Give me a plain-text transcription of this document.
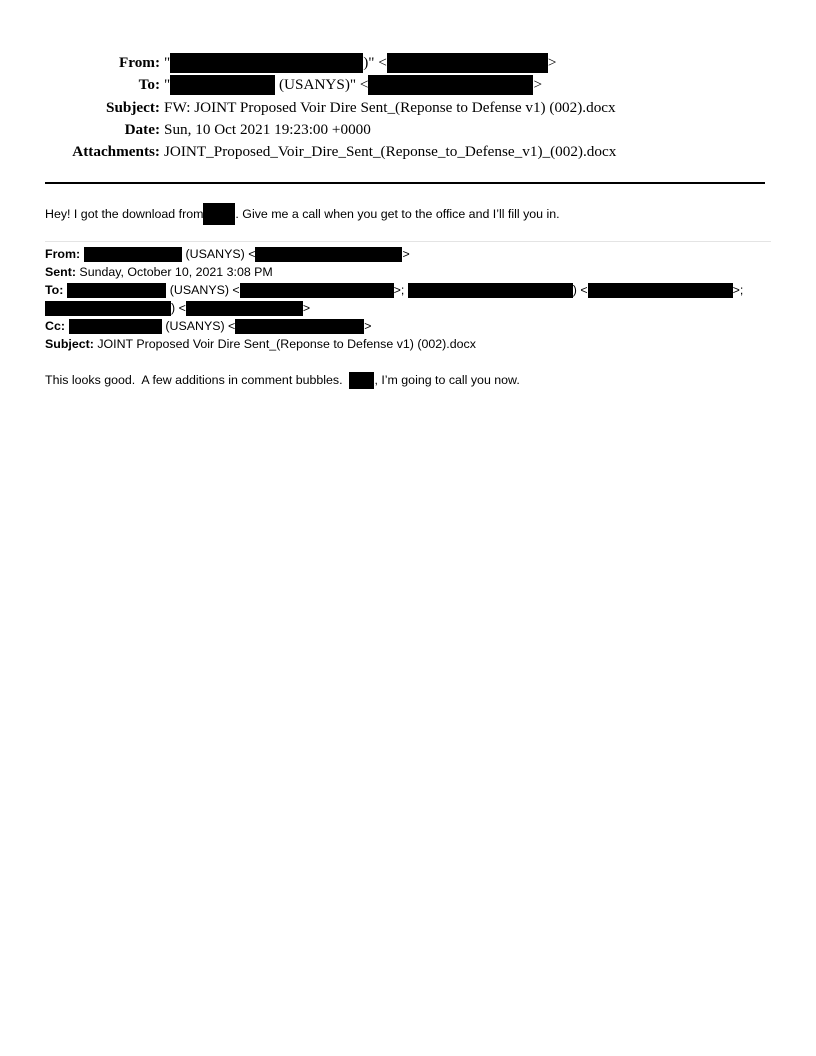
From: "	)" <	>
To: "	(USANYS)" <	>
Subject: FW: JOINT Proposed Voir Dire Sent_(Reponse to Defense v1) (002).docx
Date: Sun, 10 Oct 2021 19:23:00 +0000
Attachments: JOINT_Proposed_Voir_Dire_Sent_(Reponse_to_Defense_v1)_(002).docx
Hey! I got the download from	. Give me a call when you get to the office and I’ll fill you in.
From:	(USANYS) <	>
Sent: Sunday, October 10, 2021 3:08 PM
To:	(USANYS) <	>;	) <	>;
) <	>
Cc:	(USANYS) <	>
Subject: JOINT Proposed Voir Dire Sent_(Reponse to Defense v1) (002).docx
This looks good.  A few additions in comment bubbles. , I’m going to call you now.
